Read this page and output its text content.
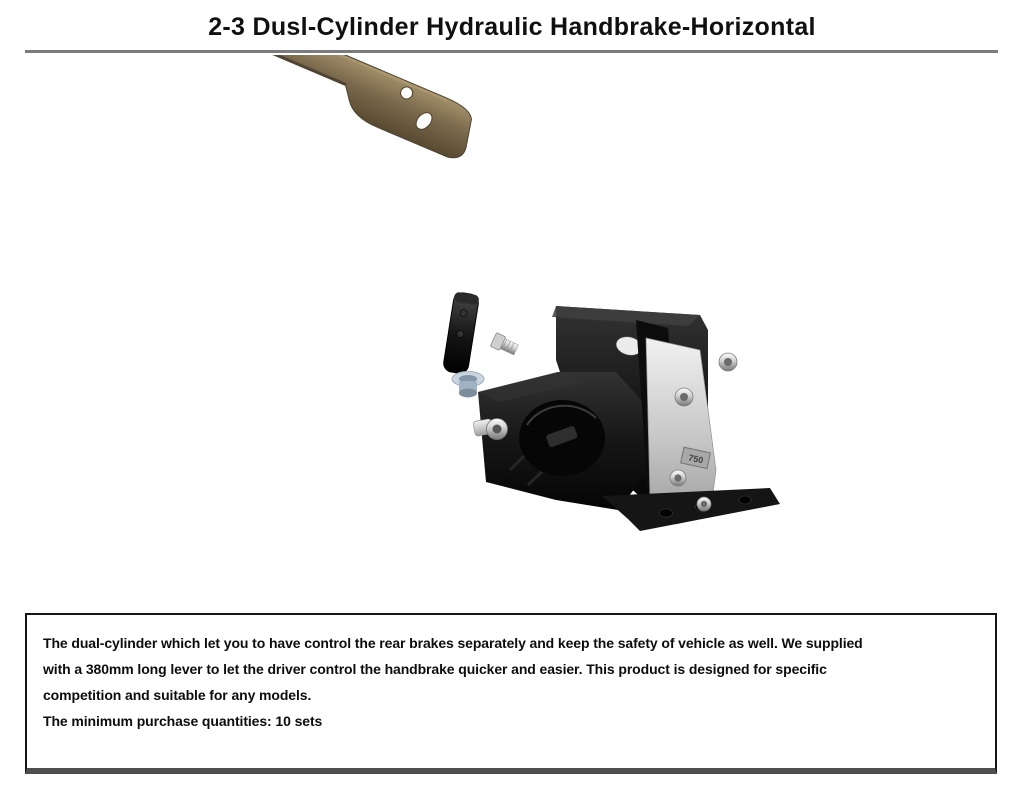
2-3 Dusl-Cylinder Hydraulic Handbrake-Horizontal
750
The dual-cylinder which let you to have control the rear brakes separately and keep the safety of vehicle as well. We supplied
with a 380mm long lever to let the driver control the handbrake quicker and easier. This product is designed for specific
competition and suitable for any models.
The minimum purchase quantities: 10 sets
